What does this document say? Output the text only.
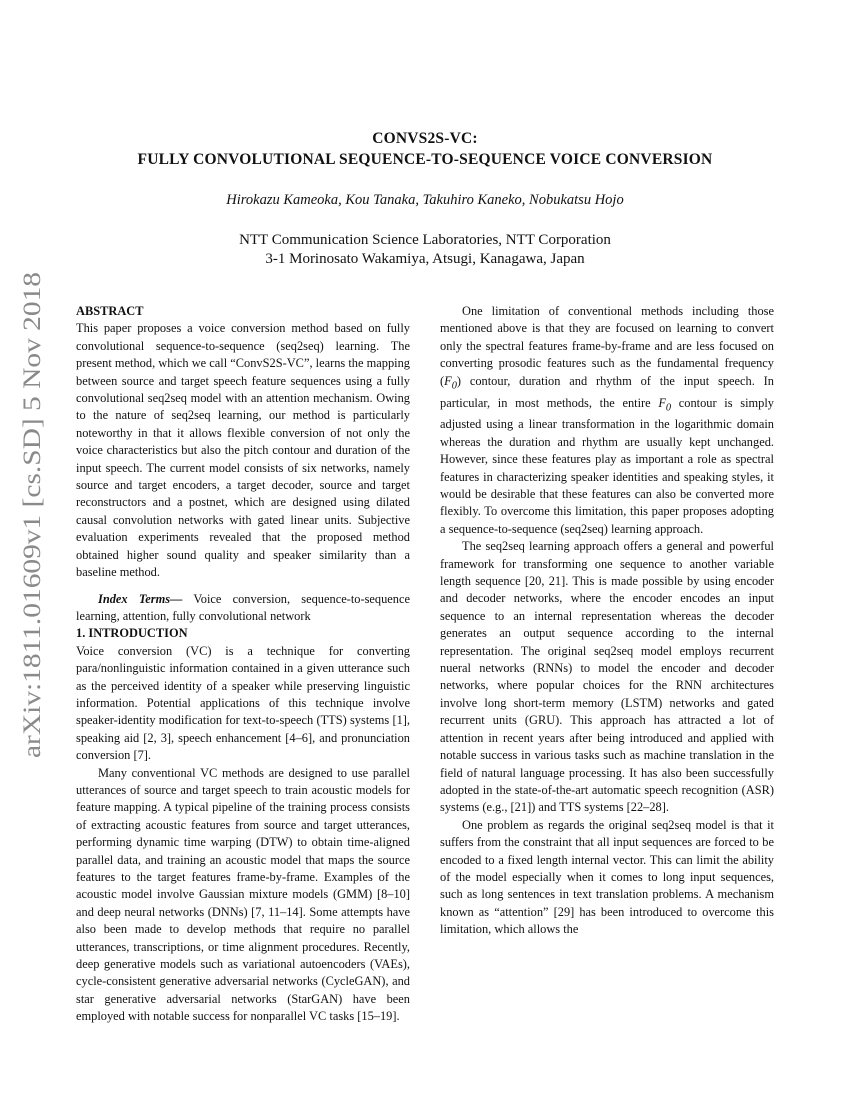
arXiv:1811.01609v1 [cs.SD] 5 Nov 2018
CONVS2S-VC:
FULLY CONVOLUTIONAL SEQUENCE-TO-SEQUENCE VOICE CONVERSION
Hirokazu Kameoka, Kou Tanaka, Takuhiro Kaneko, Nobukatsu Hojo
NTT Communication Science Laboratories, NTT Corporation
3-1 Morinosato Wakamiya, Atsugi, Kanagawa, Japan

ABSTRACT

This paper proposes a voice conversion method based on fully convolutional sequence-to-sequence (seq2seq) learning. The present method, which we call “ConvS2S-VC”, learns the mapping between source and target speech feature sequences using a fully convolutional seq2seq model with an attention mechanism. Owing to the nature of seq2seq learning, our method is particularly noteworthy in that it allows flexible conversion of not only the voice characteristics but also the pitch contour and duration of the input speech. The current model consists of six networks, namely source and target encoders, a target decoder, source and target reconstructors and a postnet, which are designed using dilated causal convolution networks with gated linear units. Subjective evaluation experiments revealed that the proposed method obtained higher sound quality and speaker similarity than a baseline method.

Index Terms— Voice conversion, sequence-to-sequence learning, attention, fully convolutional network

1. INTRODUCTION

Voice conversion (VC) is a technique for converting para/nonlinguistic information contained in a given utterance such as the perceived identity of a speaker while preserving linguistic information. Potential applications of this technique involve speaker-identity modification for text-to-speech (TTS) systems [1], speaking aid [2, 3], speech enhancement [4–6], and pronunciation conversion [7].

Many conventional VC methods are designed to use parallel utterances of source and target speech to train acoustic models for feature mapping. A typical pipeline of the training process consists of extracting acoustic features from source and target utterances, performing dynamic time warping (DTW) to obtain time-aligned parallel data, and training an acoustic model that maps the source features to the target features frame-by-frame. Examples of the acoustic model involve Gaussian mixture models (GMM) [8–10] and deep neural networks (DNNs) [7, 11–14]. Some attempts have also been made to develop methods that require no parallel utterances, transcriptions, or time alignment procedures. Recently, deep generative models such as variational autoencoders (VAEs), cycle-consistent generative adversarial networks (CycleGAN), and star generative adversarial networks (StarGAN) have been employed with notable success for nonparallel VC tasks [15–19].

One limitation of conventional methods including those mentioned above is that they are focused on learning to convert only the spectral features frame-by-frame and are less focused on converting prosodic features such as the fundamental frequency $(F_0)$ contour, duration and rhythm of the input speech. In particular, in most methods, the entire $F_0$ contour is simply adjusted using a linear transformation in the logarithmic domain whereas the duration and rhythm are usually kept unchanged. However, since these features play as important a role as spectral features in characterizing speaker identities and speaking styles, it would be desirable that these features can also be converted more flexibly. To overcome this limitation, this paper proposes adopting a sequence-to-sequence (seq2seq) learning approach.

The seq2seq learning approach offers a general and powerful framework for transforming one sequence to another variable length sequence [20, 21]. This is made possible by using encoder and decoder networks, where the encoder encodes an input sequence to an internal representation whereas the decoder generates an output sequence according to the internal representation. The original seq2seq model employs recurrent nueral networks (RNNs) to model the encoder and decoder networks, where popular choices for the RNN architectures involve long short-term memory (LSTM) networks and gated recurrent units (GRU). This approach has attracted a lot of attention in recent years after being introduced and applied with notable success in various tasks such as machine translation in the field of natural language processing. It has also been successfully adopted in the state-of-the-art automatic speech recognition (ASR) systems (e.g., [21]) and TTS systems [22–28].

One problem as regards the original seq2seq model is that it suffers from the constraint that all input sequences are forced to be encoded to a fixed length internal vector. This can limit the ability of the model especially when it comes to long input sequences, such as long sentences in text translation problems. A mechanism known as “attention” [29] has been introduced to overcome this limitation, which allows the
